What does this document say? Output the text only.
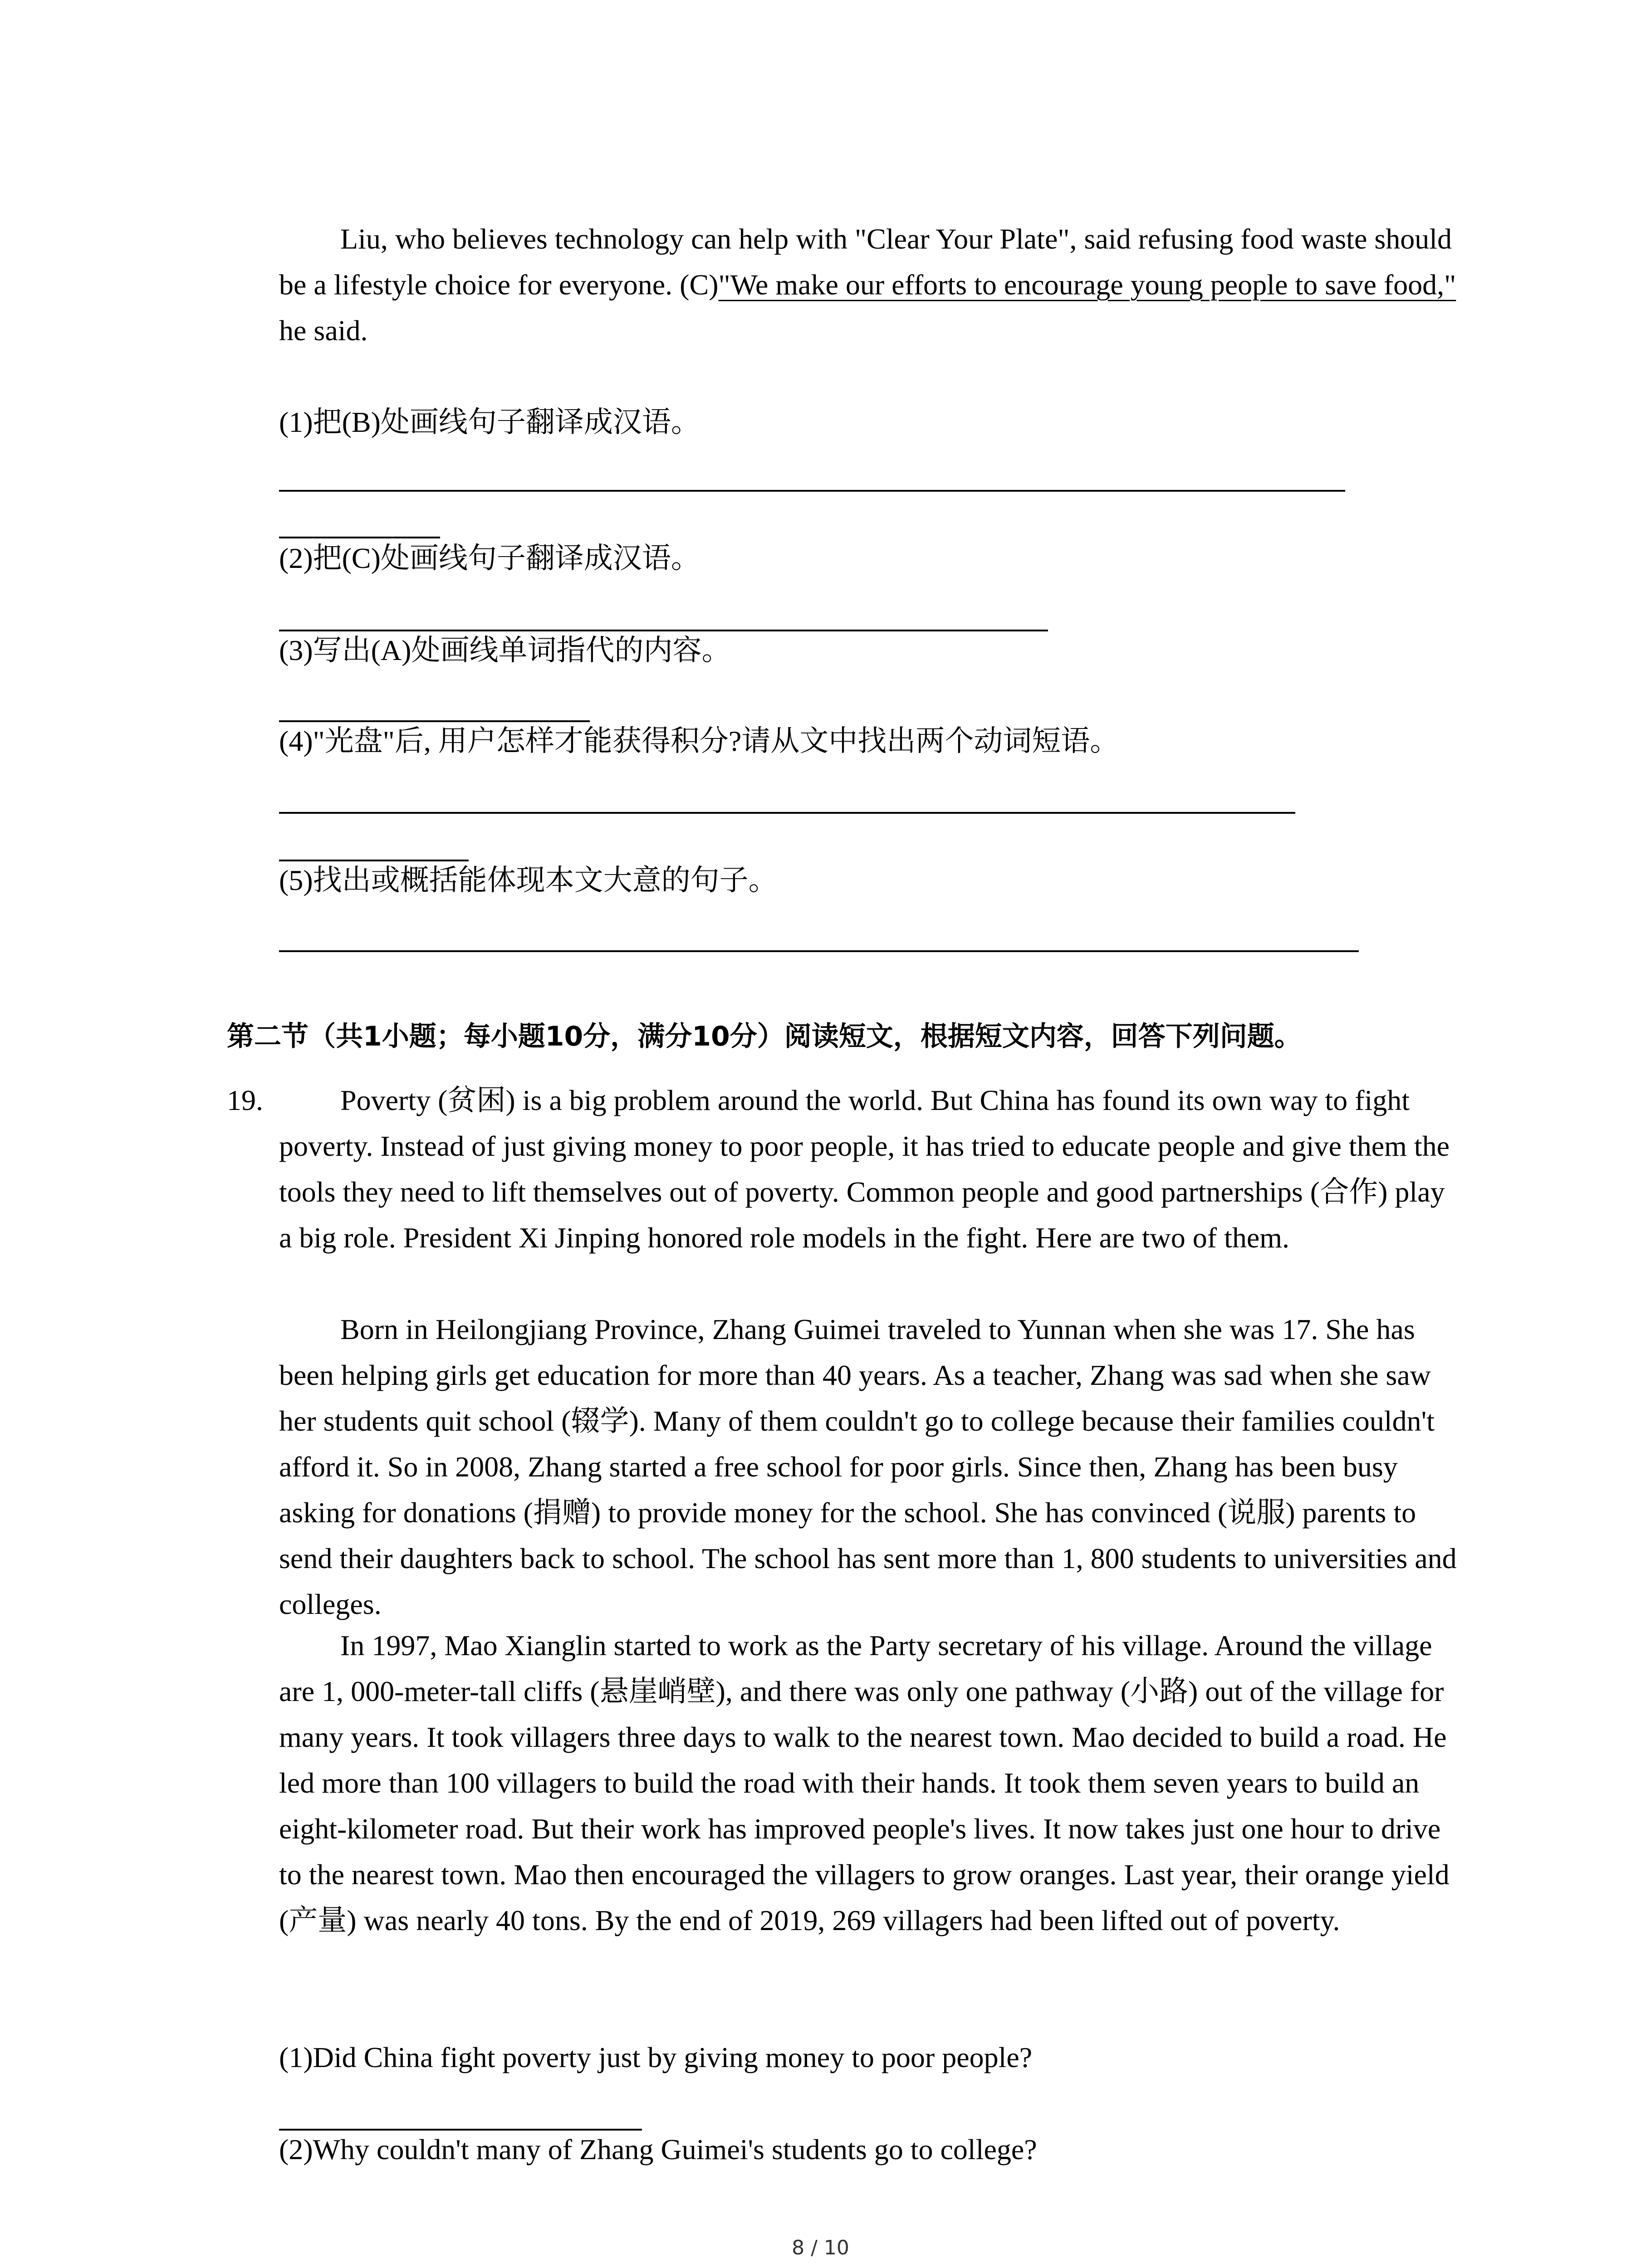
Liu, who believes technology can help with "Clear Your Plate", said refusing food waste should be a lifestyle choice for everyone. (C)"We make our efforts to encourage young people to save food," he said.

(1)把(B)处画线句子翻译成汉语。

(2)把(C)处画线句子翻译成汉语。

(3)写出(A)处画线单词指代的内容。

(4)"光盘"后, 用户怎样才能获得积分?请从文中找出两个动词短语。

(5)找出或概括能体现本文大意的句子。

第二节（共1小题；每小题10分，满分10分）阅读短文，根据短文内容，回答下列问题。
19.	Poverty (贫困) is a big problem around the world. But China has found its own way to fight poverty. Instead of just giving money to poor people, it has tried to educate people and give them the tools they need to lift themselves out of poverty. Common people and good partnerships (合作) play a big role. President Xi Jinping honored role models in the fight. Here are two of them.

Born in Heilongjiang Province, Zhang Guimei traveled to Yunnan when she was 17. She has been helping girls get education for more than 40 years. As a teacher, Zhang was sad when she saw her students quit school (辍学). Many of them couldn't go to college because their families couldn't afford it. So in 2008, Zhang started a free school for poor girls. Since then, Zhang has been busy asking for donations (捐赠) to provide money for the school. She has convinced (说服) parents to send their daughters back to school. The school has sent more than 1, 800 students to universities and colleges.

In 1997, Mao Xianglin started to work as the Party secretary of his village. Around the village are 1, 000-meter-tall cliffs (悬崖峭壁), and there was only one pathway (小路) out of the village for many years. It took villagers three days to walk to the nearest town. Mao decided to build a road. He led more than 100 villagers to build the road with their hands. It took them seven years to build an eight-kilometer road. But their work has improved people's lives. It now takes just one hour to drive to the nearest town. Mao then encouraged the villagers to grow oranges. Last year, their orange yield (产量) was nearly 40 tons. By the end of 2019, 269 villagers had been lifted out of poverty.

(1)Did China fight poverty just by giving money to poor people?

(2)Why couldn't many of Zhang Guimei's students go to college?

8 / 10
